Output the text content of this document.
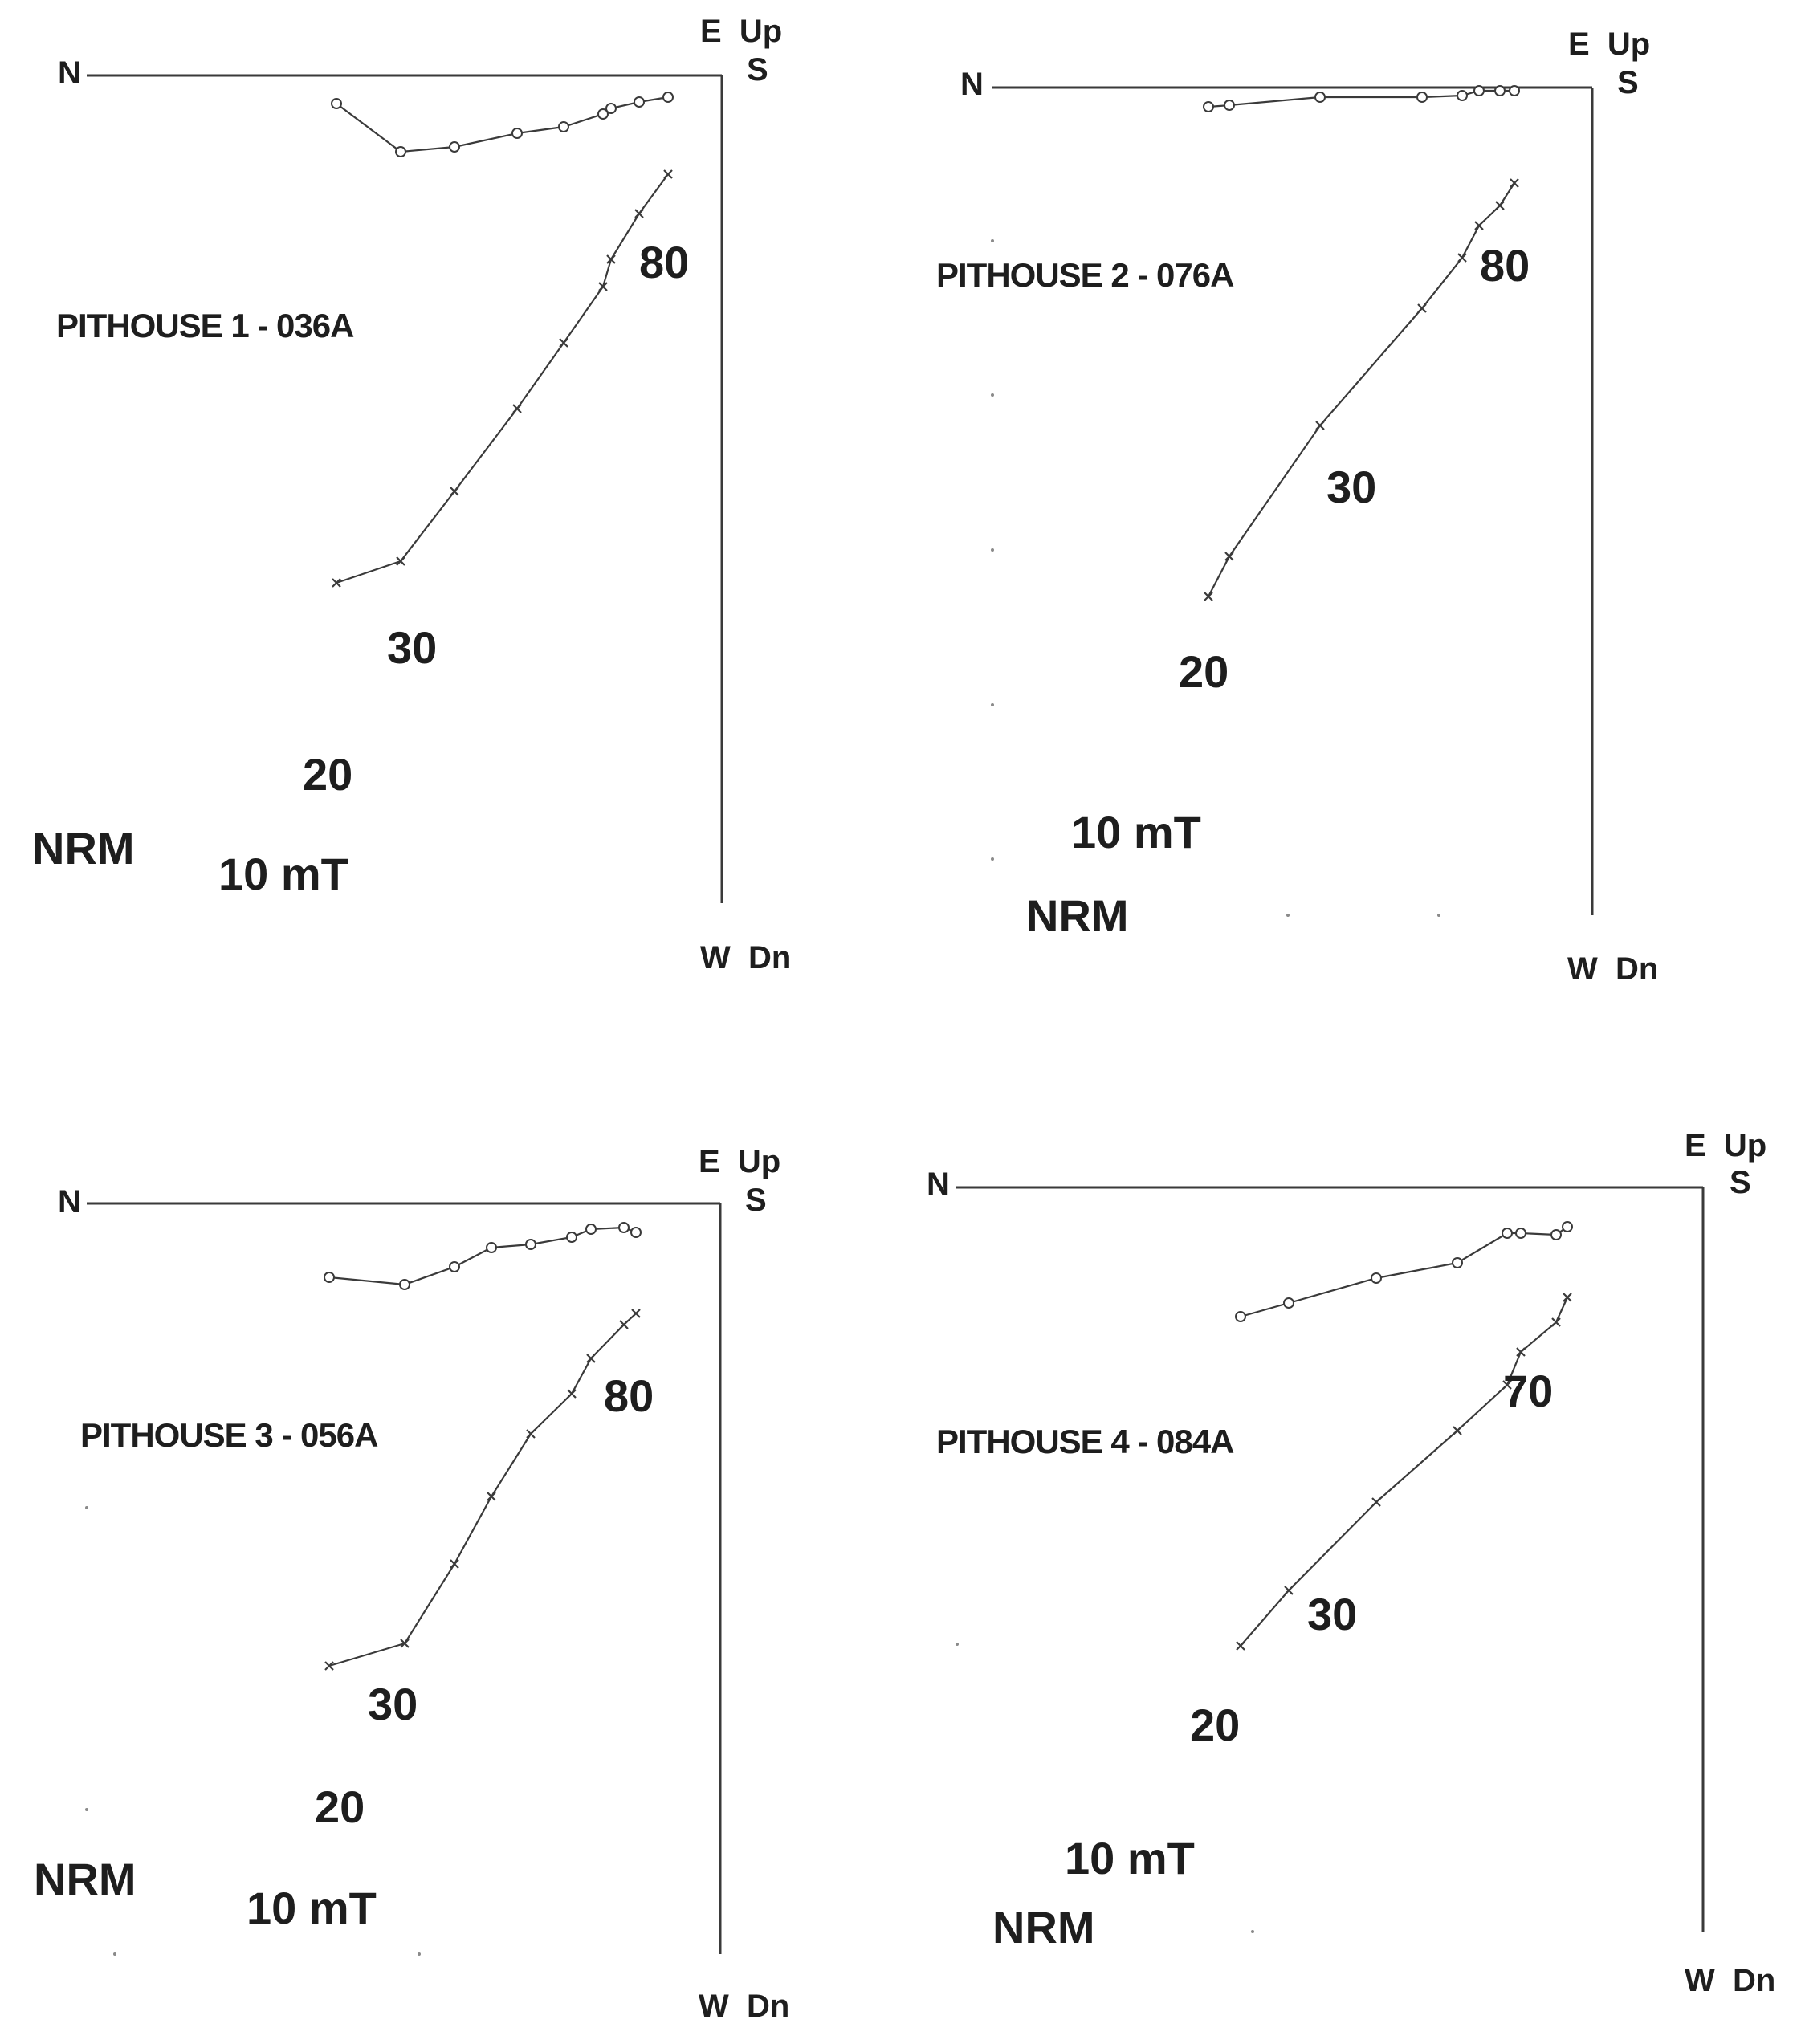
N
E  Up
S
W  Dn
PITHOUSE 1 - 036A
NRM
10 mT
20
30
80
N
E  Up
S
W  Dn
PITHOUSE 2 - 076A
NRM
10 mT
20
30
80
N
E  Up
S
W  Dn
PITHOUSE 3 - 056A
NRM
10 mT
20
30
80
N
E  Up
S
W  Dn
PITHOUSE 4 - 084A
NRM
10 mT
20
30
70
